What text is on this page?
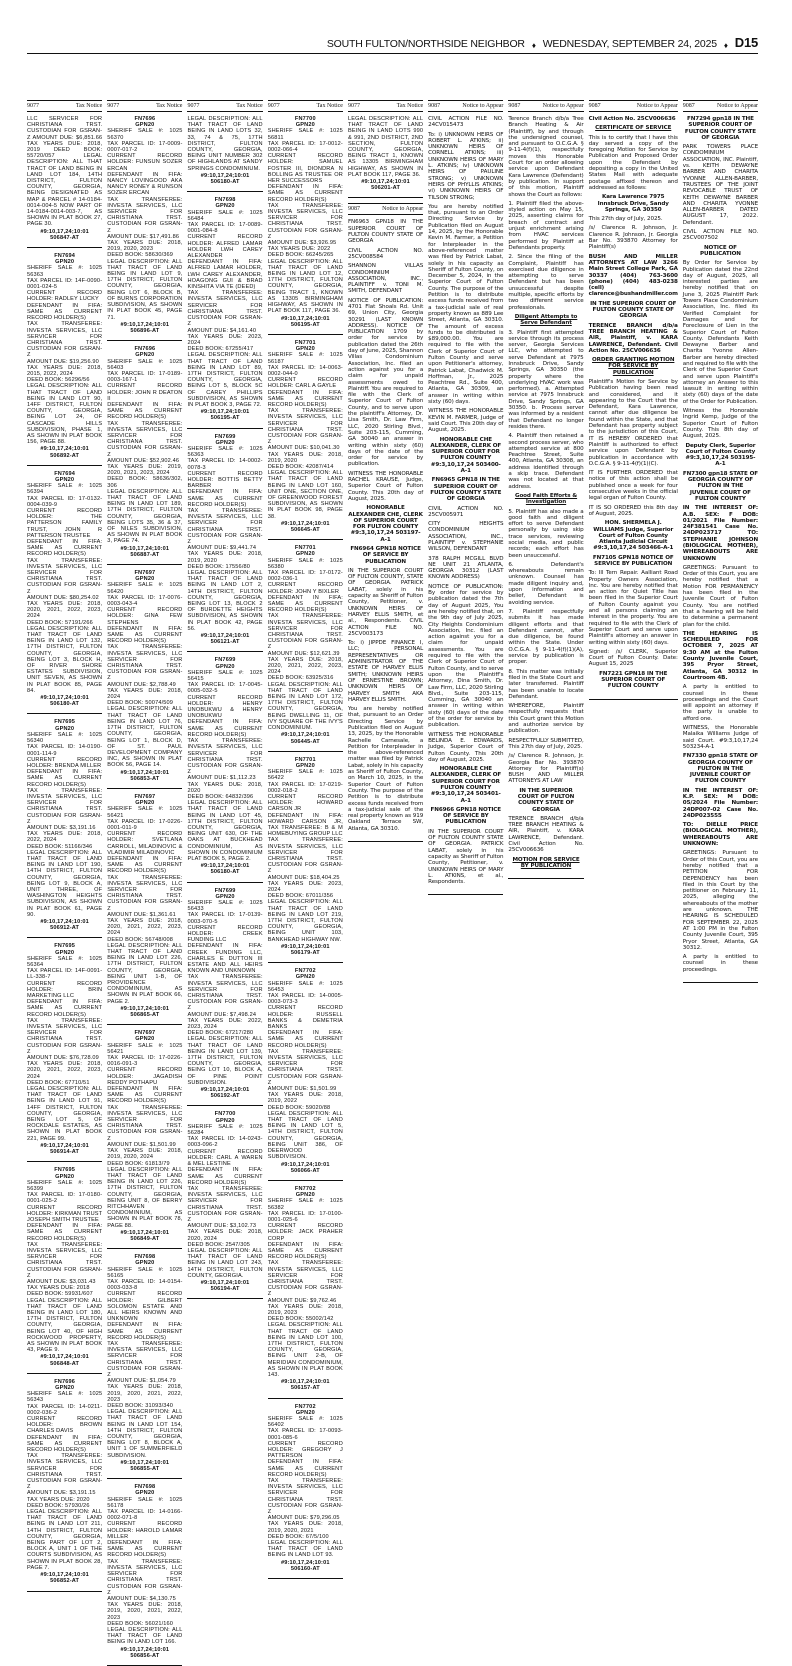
SOUTH FULTON/NORTHSIDE NEIGHBOR ♦ WEDNESDAY, SEPTEMBER 24, 2025 ♦ D15
9077	Tax Notice

LLC SERVICER FOR CHRISTIANA TRST. CUSTODIAN FOR GSRAN-Z AMOUNT DUE: $6,851.66 TAX YEARS DUE: 2018, 2019 DEED BOOK: 55720/057 LEGAL DESCRIPTION: ALL THAT TRACT OF LAND BEING IN LAND LOT 184, 14TH DISTRICT, FULTON COUNTY, GEORGIA, BEING DESIGNATED AS MAP & PARCEL # 14-0184-0014-004-5 NOW PART OF 14-0184-0014-003-7, AS SHOWN IN PLAT BOOK 27, PAGE 30.

#9:10,17,24;10:01

506847-AT

FN7694

GPN20

SHERIFF SALE #: 1025 56363

TAX PARCEL ID: 14F-0090-0001-024-5

CURRENT RECORD HOLDER: RADLEY LUCKY

DEFENDANT IN FIFA: SAME AS CURRENT RECORD HOLDER(S)

TAX TRANSFEREE: INVESTA SERVICES, LLC SERVICER FOR CHRISTIANA TRST. CUSTODIAN FOR GSRAN-Z

AMOUNT DUE: $19,256.90

TAX YEARS DUE: 2018, 2015, 2022, 2024

DEED BOOK: 56296/56

LEGAL DESCRIPTION: ALL THAT TRACT OF LAND BEING IN LAND LOT 90, 14FF DISTRICT, FULTON COUNTY, GEORGIA, BEING LOT 24, OF CASCADE HILLS SUBDIVISION, PHASE 1, AS SHOWN IN PLAT BOOK 156, PAGE 88.

#9:10,17,24;10:01

506892-AT

FN7694

GPN20

SHERIFF SALE #: 1025 56394

TAX PARCEL ID: 17-0132-0004-039-9

CURRENT RECORD HOLDER:	THE PATTERSON FAMILY TRUST, JOHN R PATTERSON TRUSTEE

DEFENDANT IN FIFA: SAME AS CURRENT RECORD HOLDER(S)

TAX TRANSFEREE: INVESTA SERVICES, LLC SERVICER FOR CHRISTIANA TRST. CUSTODIAN FOR GSRAN-Z

AMOUNT DUE: $80,254.02

TAX YEARS DUE: 2018, 2020, 2021, 2022, 2023, 2024

DEED BOOK: 57191/266

LEGAL DESCRIPTION: ALL THAT TRACT OF LAND BEING IN LAND LOT 132, 17TH DISTRICT, FULTON COUNTY, GEORGIA, BEING LOT 3, BLOCK H, OF RIVER SHORE ESTATES SUBDIVISION, UNIT SEVEN, AS SHOWN IN PLAT BOOK 85, PAGE 84.

#9:10,17,24;10:01

506180-AT

FN7695

GPN20

SHERIFF SALE #: 1025 56340

TAX PARCEL ID: 14-0190-0001-114-9

CURRENT RECORD HOLDER: BRENDA MILLER

DEFENDANT IN FIFA: SAME AS CURRENT RECORD HOLDER(S)

TAX TRANSFEREE: INVESTA SERVICES, LLC SERVICER FOR CHRISTIANA TRST. CUSTODIAN FOR GSRAN-Z

AMOUNT DUE: $3,191.16

TAX YEARS DUE: 2018, 2022, 2024

DEED BOOK: 51166/346

LEGAL DESCRIPTION: ALL THAT TRACT OF LAND BEING IN LAND LOT 190, 14TH DISTRICT, FULTON COUNTY, GEORGIA, BEING LOT 9, BLOCK A, UNIT THREE, OF WASHINGTON HEIGHTS SUBDIVISION, AS SHOWN IN PLAT BOOK 61, PAGE 90.

#9:10,17,24;10:01

506912-AT

FN7695

GPN20

SHERIFF SALE #: 1025 56364

TAX PARCEL ID: 14F-0091-LL-338-7

CURRENT RECORD HOLDER:	BRIN MARKETING LLC

DEFENDANT IN FIFA: SAME AS CURRENT RECORD HOLDER(S)

TAX TRANSFEREE: INVESTA SERVICES, LLC SERVICER FOR CHRISTIANA TRST. CUSTODIAN FOR GSRAN-Z

AMOUNT DUE: $76,728.09

TAX YEARS DUE: 2018, 2020, 2021, 2022, 2023, 2024

DEED BOOK: 67710/51

LEGAL DESCRIPTION: ALL THAT TRACT OF LAND BEING IN LAND LOT 91, 14FF DISTRICT, FULTON COUNTY, GEORGIA, BEING LOT 5, OF ROCKDALE ESTATES, AS SHOWN IN PLAT BOOK 221, PAGE 99.

#9:10,17,24;10:01

506914-AT

FN7695

GPN20

SHERIFF SALE #: 1025 56399

TAX PARCEL ID: 17-0180-0001-025-2

CURRENT RECORD HOLDER: KIRKMAN TRUST JOSEPH SMITH TRUSTEE

DEFENDANT IN FIFA: SAME AS CURRENT RECORD HOLDER(S)

TAX TRANSFEREE: INVESTA SERVICES, LLC SERVICER FOR CHRISTIANA TRST. CUSTODIAN FOR GSRAN-Z

AMOUNT DUE: $3,031.43

TAX YEARS DUE: 2018

DEED BOOK: 59931/607

LEGAL DESCRIPTION: ALL THAT TRACT OF LAND BEING IN LAND LOT 180, 17TH DISTRICT, FULTON COUNTY, GEORGIA, BEING LOT 40, OF HIGH ROCKWOOD PROPERTY, AS SHOWN IN PLAT BOOK 43, PAGE 9.

#9:10,17,24;10:01

506848-AT

FN7696

GPN20

SHERIFF SALE #: 1025 56343

TAX PARCEL ID: 14-0211-0002-036-2

CURRENT RECORD HOLDER:	BROWN CHARLES DAVIS

DEFENDANT IN FIFA: SAME AS CURRENT RECORD HOLDER(S)

TAX TRANSFEREE: INVESTA SERVICES, LLC SERVICER FOR CHRISTIANA TRST. CUSTODIAN FOR GSRAN-Z

AMOUNT DUE: $3,191.15

TAX YEARS DUE: 2020

DEED BOOK: 57930/26

LEGAL DESCRIPTION: ALL THAT TRACT OF LAND BEING IN LAND LOT 211, 14TH DISTRICT, FULTON COUNTY, GEORGIA, BEING PART OF LOT 2, BLOCK A, UNIT 1 OF THE COURTS SUBDIVISION, AS SHOWN IN PLAT BOOK 28, PAGE 7.

#9:10,17,24;10:01

506852-AT

9077	Tax Notice

FN7696

GPN20

SHERIFF SALE #: 1025 56370

TAX PARCEL ID: 17-0009-0007-017-2

CURRENT RECORD HOLDER: FUNSUN SOZER ERCAN

DEFENDANT IN FIFA: NANCY LOVINGOOD AKA NANCY RONEY & RUNSON SOZER ERCAN

TAX TRANSFEREE: INVESTA SERVICES, LLC SERVICER FOR CHRISTIANA TRST. CUSTODIAN FOR GSRAN-Z

AMOUNT DUE: $17,491.86

TAX YEARS DUE: 2018, 2019, 2020, 2023

DEED BOOK: 58630/369

LEGAL DESCRIPTION: ALL THAT TRACT OF LAND BEING IN LAND LOT 9, 17TH DISTRICT, FULTON COUNTY, GEORGIA, BEING LOT 6, BLOCK B, OF BURNS CORPORATION SUBDIVISION, AS SHOWN IN PLAT BOOK 45, PAGE 71.

#9:10,17,24;10:01

506896-AT

FN7696

GPN20

SHERIFF SALE #: 1025 56403

TAX PARCEL ID: 17-0189-0003-167-1

CURRENT RECORD HOLDER: JOHN R DEATON II

DEFENDANT IN FIFA: SAME AS CURRENT RECORD HOLDER(S)

TAX TRANSFEREE: INVESTA SERVICES, LLC SERVICER FOR CHRISTIANA TRST. CUSTODIAN FOR GSRAN-Z

AMOUNT DUE: $52,902.46

TAX YEARS DUE: 2019, 2020, 2021, 2023, 2024

DEED BOOK: 58636/302, 306

LEGAL DESCRIPTION: ALL THAT TRACT OF LAND BEING IN LAND LOT 189, 17TH DISTRICT, FULTON COUNTY, GEORGIA, BEING LOTS 35, 36 & 37, OF NILES SUBDIVISION, AS SHOWN IN PLAT BOOK 3, PAGE 74.

#9:10,17,24;10:01

506887-AT

FN7697

GPN20

SHERIFF SALE #: 1025 56420

TAX PARCEL ID: 17-0076-0003-043-4

CURRENT RECORD HOLDER: GINA FEW STEPHENS

DEFENDANT IN FIFA: SAME AS CURRENT RECORD HOLDER(S)

TAX TRANSFEREE: INVESTA SERVICES, LLC SERVICER FOR CHRISTIANA TRST. CUSTODIAN FOR GSRAN-Z

AMOUNT DUE: $2,788.49

TAX YEARS DUE: 2018, 2024

DEED BOOK: 50074/509

LEGAL DESCRIPTION: ALL THAT TRACT OF LAND BEING IN LAND LOT 76, 17TH DISTRICT, FULTON COUNTY, GEORGIA, BEING LOT 1, BLOCK D, OF ST. PAUL DEVELOPMENT COMPANY INC, AS SHOWN IN PLAT BOOK 56, PAGE 14.

#9:10,17,24;10:01

506853-AT

FN7697

GPN20

SHERIFF SALE #: 1025 56421

TAX PARCEL ID: 17-0226-0001-011-9

CURRENT RECORD HOLDER:	SVETLANA CARROLL, MILADINOVIC & VLADIMIR MILADINOVIC

DEFENDANT IN FIFA: SAME AS CURRENT RECORD HOLDER(S)

TAX TRANSFEREE: INVESTA SERVICES, LLC SERVICER FOR CHRISTIANA TRST. CUSTODIAN FOR GSRAN-Z

AMOUNT DUE: $1,361.61

TAX YEARS DUE: 2018, 2020, 2021, 2022, 2023, 2024

DEED BOOK: 56748/008

LEGAL DESCRIPTION: ALL THAT TRACT OF LAND BEING IN LAND LOT 226, 17TH DISTRICT, FULTON COUNTY, GEORGIA, BEING UNIT 1-B, OF PROVIDENCE CONDOMINIUM, AS SHOWN IN PLAT BOOK 66, PAGE 2.

#9:10,17,24;10:01

506865-AT

FN7697

GPN20

SHERIFF SALE #: 1025 56421

TAX PARCEL ID: 17-0226-0016-091-3

CURRENT RECORD HOLDER:	JAGADISH REDDY POTHAPU

DEFENDANT IN FIFA: SAME AS CURRENT RECORD HOLDER(S)

TAX TRANSFEREE: INVESTA SERVICES, LLC SERVICER FOR CHRISTIANA TRST. CUSTODIAN FOR GSRAN-Z

AMOUNT DUE: $1,501.99

TAX YEARS DUE: 2018, 2019, 2020, 2024

DEED BOOK: 61813/79

LEGAL DESCRIPTION: ALL THAT TRACT OF LAND BEING IN LAND LOT 226, 17TH DISTRICT, FULTON COUNTY, GEORGIA, BEING UNIT 8, OF BERRY RITCHHAVEN CONDOMINIUM, AS SHOWN IN PLAT BOOK 78, PAGE 88.

#9:10,17,24;10:01

506849-AT

FN7698

GPN20

SHERIFF SALE #: 1025 56165

TAX PARCEL ID: 14-0154-0003-033-8

CURRENT RECORD HOLDER:	GILBERT SOLOMON ESTATE AND ALL HEIRS KNOWN AND UNKNOWN

DEFENDANT IN FIFA: SAME AS CURRENT RECORD HOLDER(S)

TAX TRANSFEREE: INVESTA SERVICES, LLC SERVICER FOR CHRISTIANA TRST. CUSTODIAN FOR GSRAN-Z

AMOUNT DUE: $1,054.79

TAX YEARS DUE: 2018, 2019, 2020, 2021, 2022, 2023

DEED BOOK: 31093/340

LEGAL DESCRIPTION: ALL THAT TRACT OF LAND BEING IN LAND LOT 154, 14TH DISTRICT, FULTON COUNTY, GEORGIA, BEING LOT 8, BLOCK A, UNIT 1 OF SUMMERFIELD SUBDIVISION.

#9:10,17,24;10:01

506855-AT

FN7698

GPN20

SHERIFF SALE #: 1025 56178

TAX PARCEL ID: 14-0166-0002-071-8

CURRENT RECORD HOLDER: HAROLD LAMAR MILLER

DEFENDANT IN FIFA: SAME AS CURRENT RECORD HOLDER(S)

TAX TRANSFEREE: INVESTA SERVICES, LLC SERVICER FOR CHRISTIANA TRST. CUSTODIAN FOR GSRAN-Z

AMOUNT DUE: $4,130.75

TAX YEARS DUE: 2018, 2019, 2020, 2021, 2022, 2023

DEED BOOK: 56021/160

LEGAL DESCRIPTION: ALL THAT TRACT OF LAND BEING IN LAND LOT 166.

#9:10,17,24;10:01

506856-AT

9077	Tax Notice

LEGAL DESCRIPTION: ALL THAT TRACT OF LAND BEING IN LAND LOTS 32, 33, 74 & 75, 17TH DISTRICT, FULTON COUNTY, GEORGIA, BEING UNIT NUMBER 302 OF HIGHLANDS AT SANDY SPRINGS CONDOMINIUM.

#9:10,17,24;10:01

506180-AT

FN7698

GPN20

SHERIFF SALE #: 1025 56484

TAX PARCEL ID: 17-0089-0001-084-8

CURRENT RECORD HOLDER: ALFRED LAMAR HOLDER LWH CAREY ALEXANDER

DEFENDANT IN FIFA: ALFRED LAMAR HOLDER, LWH CAREY ALEXANDER, HOAGONG GUI & BRAD KINSHITA VIA TE (DEED)

TAX TRANSFEREE: INVESTA SERVICES, LLC SERVICER FOR CHRISTIANA TRST. CUSTODIAN FOR GSRAN-Z

AMOUNT DUE: $4,161.40

TAX YEARS DUE: 2023, 2024

DEED BOOK: 67255/417

LEGAL DESCRIPTION: ALL THAT TRACT OF LAND BEING IN LAND LOT 89, 17TH DISTRICT, FULTON COUNTY, GEORGIA, BEING LOT 5, BLOCK 5C OF CAREY PHILLIPS SUBDIVISION, AS SHOWN IN PLAT BOOK 3, PAGE 72.

#9:10,17,24;10:01

506195-AT

FN7699

GPN20

SHERIFF SALE #: 1025 56363

TAX PARCEL ID: 14-0002-0078-3

CURRENT RECORD HOLDER: BOTTIS BETTY BARBER

DEFENDANT IN FIFA: SAME AS CURRENT RECORD HOLDER(S)

TAX TRANSFEREE: INVESTA SERVICES, LLC SERVICER FOR CHRISTIANA TRST. CUSTODIAN FOR GSRAN-Z

AMOUNT DUE: $9,441.74

TAX YEARS DUE: 2018, 2019, 2020

DEED BOOK: 17556/80

LEGAL DESCRIPTION: ALL THAT TRACT OF LAND BEING IN LAND LOT 2, 14TH DISTRICT, FULTON COUNTY, GEORGIA, BEING LOT 13, BLOCK 2 OF BURDETTE HEIGHTS SUBDIVISION, AS SHOWN IN PLAT BOOK 42, PAGE 56.

#9:10,17,24;10:01

506121-AT

FN7699

GPN20

SHERIFF SALE #: 1025 56415

TAX PARCEL ID: 17-0045-0005-032-5

CURRENT RECORD HOLDER:	HENRY UNOBUKWU & HENRY UNOBUKWU

DEFENDANT IN FIFA: SAME AS CURRENT RECORD HOLDER(S)

TAX TRANSFEREE: INVESTA SERVICES, LLC SERVICER FOR CHRISTIANA TRST. CUSTODIAN FOR GSRAN-Z

AMOUNT DUE: $1,112.23

TAX YEARS DUE: 2018, 2020

DEED BOOK: 64832/396

LEGAL DESCRIPTION: ALL THAT TRACT OF LAND BEING IN LAND LOT 45, 17TH DISTRICT, FULTON COUNTY, GEORGIA, BEING UNIT 630, OF THE OAKS AT BUCKHEAD CONDOMINIUM, AS SHOWN IN CONDOMINIUM PLAT BOOK 5, PAGE 2.

#9:10,17,24;10:01

506180-AT

FN7699

GPN20

SHERIFF SALE #: 1025 56433

TAX PARCEL ID: 17-0139-0003-070-5

CURRENT RECORD HOLDER:	CREEK FUNDING LLC

DEFENDANT IN FIFA: CREEK FUNDING LLC, CHARLES E DUTTON III ESTATE AND ALL HEIRS KNOWN AND UNKNOWN

TAX TRANSFEREE: INVESTA SERVICES, LLC SERVICER FOR CHRISTIANA TRST. CUSTODIAN FOR GSRAN-Z

AMOUNT DUE: $7,498.24

TAX YEARS DUE: 2022, 2023, 2024

DEED BOOK: 67217/280

LEGAL DESCRIPTION: ALL THAT TRACT OF LAND BEING IN LAND LOT 139, 17TH DISTRICT, FULTON COUNTY, GEORGIA, BEING LOT 10, BLOCK A, OF PINE POINT SUBDIVISION.

#9:10,17,24;10:01

506192-AT

FN7700

GPN20

SHERIFF SALE #: 1025 56284

TAX PARCEL ID: 14-0243-0003-096-2

CURRENT RECORD HOLDER: CARL A WAREN & MEL LESTINE

DEFENDANT IN FIFA: SAME AS CURRENT RECORD HOLDER(S)

TAX TRANSFEREE: INVESTA SERVICES, LLC SERVICER FOR CHRISTIANA TRST. CUSTODIAN FOR GSRAN-Z

AMOUNT DUE: $3,102.73

TAX YEARS DUE: 2018, 2020, 2024

DEED BOOK: 2547/305

LEGAL DESCRIPTION: ALL THAT TRACT OF LAND BEING IN LAND LOT 243, 14TH DISTRICT, FULTON COUNTY, GEORGIA.

#9:10,17,24;10:01

506194-AT

9077	Tax Notice

FN7700

GPN20

SHERIFF SALE #: 1025 56811

TAX PARCEL ID: 17-0012-0002-066-4

CURRENT RECORD HOLDER:	SAMUEL FOSTER III, DIONDRA N BOLLING AS TRUSTEE OR HER SUCCESSORS

DEFENDANT IN FIFA: SAME AS CURRENT RECORD HOLDER(S)

TAX TRANSFEREE: INVESTA SERVICES, LLC SERVICER FOR CHRISTIANA TRST. CUSTODIAN FOR GSRAN-Z

AMOUNT DUE: $3,926.95

TAX YEARS DUE: 2022

DEED BOOK: 66245/265

LEGAL DESCRIPTION: ALL THAT TRACT OF LAND BEING IN LAND LOT 12, 17TH DISTRICT, FULTON COUNTY, GEORGIA, BEING TRACT 1, KNOWN AS 13305 BIRMINGHAM HIGHWAY, AS SHOWN IN PLAT BOOK 117, PAGE 36.

#9:10,17,24;10:01

506195-AT

FN7701

GPN20

SHERIFF SALE #: 1025 56187

TAX PARCEL ID: 14-0063-0002-044-0

CURRENT RECORD HOLDER: CARL A GAYLE

DEFENDANT IN FIFA: SAME AS CURRENT RECORD HOLDER(S)

TAX TRANSFEREE: INVESTA SERVICES, LLC SERVICER FOR CHRISTIANA TRST. CUSTODIAN FOR GSRAN-Z

AMOUNT DUE: $10,041.30

TAX YEARS DUE: 2018, 2019, 2020

DEED BOOK: 42087/414

LEGAL DESCRIPTION: ALL THAT TRACT OF LAND BEING IN LAND LOT 160, UNIT ONE, SECTION ONE, OF GREENWOOD FOREST SUBDIVISION, AS SHOWN IN PLAT BOOK 98, PAGE 38.

#9:10,17,24;10:01

506645-AT

FN7701

GPN20

SHERIFF SALE #: 1025 56380

TAX PARCEL ID: 17-0172-0002-036-1

CURRENT RECORD HOLDER: JOHN Y BIXLER

DEFENDANT IN FIFA: SAME AS CURRENT RECORD HOLDER(S)

TAX TRANSFEREE: INVESTA SERVICES, LLC SERVICER FOR CHRISTIANA TRST. CUSTODIAN FOR GSRAN-Z

AMOUNT DUE: $12,621.39

TAX YEARS DUE: 2018, 2020, 2021, 2022, 2023, 2024

DEED BOOK: 63925/316

LEGAL DESCRIPTION: ALL THAT TRACT OF LAND BEING IN LAND LOT 172, 17TH DISTRICT, FULTON COUNTY, GEORGIA, BEING DWELLING 11, OF IVY SQUARE OF THE IVY'S CONDOMINIUM.

#9:10,17,24;10:01

506445-AT

FN7701

GPN20

SHERIFF SALE #: 1025 56422

TAX PARCEL ID: 17-0219-0002-018-2

CURRENT RECORD HOLDER:	HOWARD CARSON JR

DEFENDANT IN FIFA: HOWARD CARSON JR, TAX TRANSFEREE: B & M HOMEBUYING GROUP LLC

TAX TRANSFEREE: INVESTA SERVICES, LLC SERVICER FOR CHRISTIANA TRST. CUSTODIAN FOR GSRAN-Z

AMOUNT DUE: $18,404.25

TAX YEARS DUE: 2023, 2024

DEED BOOK: 67011/356

LEGAL DESCRIPTION: ALL THAT TRACT OF LAND BEING IN LAND LOT 219, 17TH DISTRICT, FULTON COUNTY, GEORGIA, BEING UNIT 103, BANKHEAD HIGHWAY NW.

#9:10,17,24;10:01

506179-AT

FN7702

GPN20

SHERIFF SALE #: 1025 56453

TAX PARCEL ID: 14-0005-0003-073-3

CURRENT RECORD HOLDER:	RUSSELL BANKS & DEMETRIA BANKS

DEFENDANT IN FIFA: SAME AS CURRENT RECORD HOLDER(S)

TAX TRANSFEREE: INVESTA SERVICES, LLC SERVICER FOR CHRISTIANA TRST. CUSTODIAN FOR GSRAN-Z

AMOUNT DUE: $1,501.99

TAX YEARS DUE: 2018, 2019, 2022

DEED BOOK: 59020/88

LEGAL DESCRIPTION: ALL THAT TRACT OF LAND BEING IN LAND LOT 5, 14TH DISTRICT, FULTON COUNTY, GEORGIA, BEING UNIT 386, OF DEERWOOD SUBDIVISION.

#9:10,17,24;10:01

506066-AT

FN7702

GPN20

SHERIFF SALE #: 1025 56382

TAX PARCEL ID: 17-0100-0001-025-6

CURRENT RECORD HOLDER: JACK PRAHER CORP

DEFENDANT IN FIFA: SAME AS CURRENT RECORD HOLDER(S)

TAX TRANSFEREE: INVESTA SERVICES, LLC SERVICER FOR CHRISTIANA TRST. CUSTODIAN FOR GSRAN-Z

AMOUNT DUE: $9,762.46

TAX YEARS DUE: 2018, 2019, 2023

DEED BOOK: 55002/142

LEGAL DESCRIPTION: ALL THAT TRACT OF LAND BEING IN LAND LOT 100, 17TH DISTRICT, FULTON COUNTY, GEORGIA, BEING UNIT 2-B, OF MERIDIAN CONDOMINIUM, AS SHOWN IN PLAT BOOK 143.

#9:10,17,24;10:01

506157-AT

FN7702

GPN20

SHERIFF SALE #: 1025 56402

TAX PARCEL ID: 17-0093-0001-085-6

CURRENT RECORD HOLDER: GREGORY J PATTERSON

DEFENDANT IN FIFA: SAME AS CURRENT RECORD HOLDER(S)

TAX TRANSFEREE: INVESTA SERVICES, LLC SERVICER FOR CHRISTIANA TRST. CUSTODIAN FOR GSRAN-Z

AMOUNT DUE: $79,296.05

TAX YEARS DUE: 2018, 2019, 2020, 2021

DEED BOOK: 67/5/100

LEGAL DESCRIPTION: ALL THAT TRACT OF LAND BEING IN LAND LOT 93.

#9:10,17,24;10:01

506160-AT

9077	Tax Notice

LEGAL DESCRIPTION: ALL THAT TRACT OF LAND BEING IN LAND LOTS 990 & 991, 2ND DISTRICT, 2ND SECTION, FULTON COUNTY, GEORGIA, BEING TRACT 1, KNOWN AS 13305 BIRMINGHAM HIGHWAY, AS SHOWN IN PLAT BOOK 117, PAGE 36.

#9:10,17,24;10:01

506201-AT

9087	Notice to Appear

FN6963 GPN18 IN THE SUPERIOR COURT OF FULTON COUNTY STATE OF GEORGIA

CIVIL ACTION NO. 25CV008584

SHANNON VILLAS CONDOMINIUM ASSOCIATION, INC., PLAINTIFF v. TONI M. SMITH, DEFENDANT

NOTICE OF PUBLICATION: 4701 Flat Shoals Rd. Unit 69, Union City, Georgia 30291 (LAST KNOWN ADDRESS). NOTICE OF PUBLICATION 1709 by order for service by publication dated the 26th day of June, 2025, Shannon Villas Condominium Association, Inc. filed an action against you for a claim for unpaid assessments owed to Plaintiff. You are required to file with the Clerk of Superior Court of Fulton County, and to serve upon the plaintiff's Attorney, Dr. Lisa Smith, Dr. Law Firm, LLC, 2020 Stirling Blvd., Suite 203-115, Cumming, GA 30040 an answer in writing within sixty (60) days of the date of the order for service by publication.

WITNESS THE HONORABLE RACHEL KRAUSE, Judge, Superior Court of Fulton County. This 20th day of August, 2025.

HONORABLE ALEXANDER CHE, CLERK OF SUPERIOR COURT FOR FULTON COUNTY #9:3,10,17,24 503197-A-1

FN6964 GPN18 NOTICE OF SERVICE BY PUBLICATION

IN THE SUPERIOR COURT OF FULTON COUNTY, STATE OF GEORGIA. PATRICK LABAT, solely in his capacity as Sheriff of Fulton County, Petitioner, v. UNKNOWN HEIRS OF HARVEY ELLIS SMITH, et al., Respondents. CIVIL ACTION FILE NO. 25CV003173

To: i) JIPPDE FINANCE I, LLC; PERSONAL REPRESENTATIVES OR ADMINISTRATOR OF THE ESTATE OF HARVEY ELLIS SMITH; UNKNOWN HEIRS OF ERNESTINE BROWN; UNKNOWN HEIRS OF HARVEY SMITH AKA HARVEY ELLIS SMITH.

You are hereby notified that, pursuant to an Order Directing Service by Publication filed on August 13, 2025, by the Honorable Rachelle Carnesale, a Petition for Interpleader in the above-referenced matter was filed by Patrick Labat, solely in his capacity as Sheriff of Fulton County, on March 10, 2025, in the Superior Court of Fulton County. The purpose of the Petition is to distribute excess funds received from a tax-judicial sale of the real property known as 919 Oakland Terrace SW, Atlanta, GA 30310.

9087	Notice to Appear

CIVIL ACTION FILE NO. 24CV015473

To: i) UNKNOWN HEIRS OF ROBERT L. ATKINS; ii) UNKNOWN HEIRS OF CORNELL ATKINS; iii) UNKNOWN HEIRS OF MARY L. ATKINS; iv) UNKNOWN HEIRS OF PAULINE STRONG; v) UNKNOWN HEIRS OF PHYLLIS ATKINS; vi) UNKNOWN HEIRS OF TILSON STRONG;

You are hereby notified that, pursuant to an Order Directing Service by Publication filed on August 14, 2025, by the Honorable Kevin M. Farmer, a Petition for Interpleader in the above-referenced matter was filed by Patrick Labat, solely in his capacity as Sheriff of Fulton County, on December 5, 2024, in the Superior Court of Fulton County. The purpose of the Petition is to distribute excess funds received from a tax-judicial sale of real property known as 889 Lee Street, Atlanta, GA 30310. The amount of excess funds to be distributed is $89,000.00. You are required to file with the Clerk of Superior Court of Fulton County and serve upon Petitioner's attorney, Patrick Labat, Chadwick M. Hoffman, Jr., 2025 Peachtree Rd., Suite 400, Atlanta, GA 30309, an answer in writing within sixty (60) days.

WITNESS THE HONORABLE KEVIN M. FARMER, Judge of said Court. This 20th day of August, 2025.

HONORABLE CHE ALEXANDER, CLERK OF SUPERIOR COURT FOR FULTON COUNTY #9:3,10,17,24 503400-A-1

FN6965 GPN18 IN THE SUPERIOR COURT OF FULTON COUNTY STATE OF GEORGIA

CIVIL ACTION NO. 25CV005971

CITY HEIGHTS CONDOMINIUM ASSOCIATION, INC., PLAINTIFF v. STEPHANIE WILSON, DEFENDANT

378 RALPH MCGILL BLVD NE UNIT 21 ATLANTA, GEORGIA 30312 (LAST KNOWN ADDRESS)

NOTICE OF PUBLICATION: By order for service by publication dated the 7th day of August 2025, You are hereby notified that, on the 9th day of July 2025, City Heights Condominium Association, Inc. filed an action against you for a claim for unpaid assessments. You are required to file with the Clerk of Superior Court of Fulton County, and to serve upon the Plaintiff's Attorney, Dina Smith, Dr. Law Firm, LLC, 2020 Stirling Blvd., Suite 203-115, Cumming, GA 30040 an answer in writing within sixty (60) days of the date of the order for service by publication.

WITNESS THE HONORABLE BELINDA E. EDWARDS, Judge, Superior Court of Fulton County. This 20th day of August, 2025.

HONORABLE CHE ALEXANDER, CLERK OF SUPERIOR COURT FOR FULTON COUNTY #9:3,10,17,24 503401-A-1

FN6966 GPN18 NOTICE OF SERVICE BY PUBLICATION

IN THE SUPERIOR COURT OF FULTON COUNTY STATE OF GEORGIA. PATRICK LABAT, solely in his capacity as Sheriff of Fulton County, Petitioner, v. UNKNOWN HEIRS OF MARY L. ATKINS, et al., Respondents.

9087	Notice to Appear

Terence Branch d/b/a Tree Branch Heating & Air (Plaintiff), by and through the undersigned counsel, and pursuant to O.C.G.A. § 9-11-4(f)(1), respectfully moves this Honorable Court for an order allowing service upon Defendant Kara Lawrence (Defendant) by publication. In support of this motion, Plaintiff shows the Court as follows:

1. Plaintiff filed the above-styled action on May 15, 2025, asserting claims for breach of contract and unjust enrichment arising from HVAC services performed by Plaintiff at Defendants property.

2. Since the filing of the Complaint, Plaintiff has exercised due diligence in attempting to serve Defendant but has been unsuccessful despite multiple, specific efforts by two different service professionals.

Diligent Attempts to Serve Defendant

3. Plaintiff first attempted service through its process server, Georgia Services LLC, who attempted to serve Defendant at 7975 Innsbruck Drive, Sandy Springs, GA 30350 (the property where the underlying HVAC work was performed). a. Attempted service at 7975 Innsbruck Drive, Sandy Springs, GA 30350. b. Process server was informed by a resident that Defendant no longer resides there.

4. Plaintiff then retained a second process server, who attempted service at 800 Peachtree Street, Suite 400, Atlanta, GA 30308, an address identified through a skip trace. Defendant was not located at that address.

Good Faith Efforts & Investigation

5. Plaintiff has also made a good faith and diligent effort to serve Defendant personally by using skip trace services, reviewing social media, and public records; each effort has been unsuccessful.

6. Defendant's whereabouts remain unknown. Counsel has made diligent inquiry and, upon information and belief, Defendant is avoiding service.

7. Plaintiff respectfully submits it has made diligent efforts and that Defendant cannot, after due diligence, be found within the State. Under O.C.G.A. § 9-11-4(f)(1)(A), service by publication is proper.

8. This matter was initially filed in the State Court and later transferred. Plaintiff has been unable to locate Defendant.

WHEREFORE, Plaintiff respectfully requests that this Court grant this Motion and authorize service by publication.

RESPECTFULLY SUBMITTED, This 27th day of July, 2025.

/s/ Clarence R. Johnson, Jr. Georgia Bar No. 393870 Attorney for Plaintiff(s) BUSH AND MILLER ATTORNEYS AT LAW

IN THE SUPERIOR COURT OF FULTON COUNTY STATE OF GEORGIA

TERENCE BRANCH d/b/a TREE BRANCH HEATING & AIR, Plaintiff, v. KARA LAWRENCE, Defendant. Civil Action No. 25CV006636

MOTION FOR SERVICE BY PUBLICATION

9087	Notice to Appear

Civil Action No. 25CV006636

CERTIFICATE OF SERVICE

This is to certify that I have this day served a copy of the foregoing Motion for Service by Publication and Proposed Order upon the Defendant by depositing a copy in the United States Mail with adequate postage affixed thereon and addressed as follows:

Kara Lawrence 7975 Innsbruck Drive, Sandy Springs, GA 30350

This 27th day of July, 2025.

/s/ Clarence R. Johnson, Jr. Clarence R. Johnson, Jr. Georgia Bar No. 393870 Attorney for Plaintiff(s)

BUSH AND MILLER ATTORNEYS AT LAW 3266 Main Street College Park, GA 30337 (404) 763-3600 (phone) (404) 483-0238 (cell) clarence@bushandmiller.com

IN THE SUPERIOR COURT OF FULTON COUNTY STATE OF GEORGIA

TERENCE BRANCH d/b/a TREE BRANCH HEATING & AIR, Plaintiff, v. KARA LAWRENCE, Defendant. Civil Action No. 25CV006636

ORDER GRANTING MOTION FOR SERVICE BY PUBLICATION

Plaintiff's Motion for Service by Publication having been read and considered, and it appearing to the Court that the Defendant, Kara Lawrence, cannot after due diligence be found within the State, and that Defendant has property subject to the jurisdiction of this Court, IT IS HEREBY ORDERED that Plaintiff is authorized to effect service upon Defendant by publication in accordance with O.C.G.A. § 9-11-4(f)(1)(C).

IT IS FURTHER ORDERED that notice of this action shall be published once a week for four consecutive weeks in the official legal organ of Fulton County.

IT IS SO ORDERED this 8th day of August, 2025.

HON. SHERMELA J. WILLIAMS Judge, Superior Court of Fulton County Atlanta Judicial Circuit #9:3,10,17,24 503466-A-1

FN7105 GPN18 NOTICE OF SERVICE BY PUBLICATION

To: Ill Tern Repair. Aalliant Road Property Owners Association, Inc. You are hereby notified that an action for Quiet Title has been filed in the Superior Court of Fulton County against you and all persons claiming an interest in the property. You are required to file with the Clerk of Superior Court and serve upon Plaintiff's attorney an answer in writing within sixty (60) days.

Signed: /s/ CLERK, Superior Court of Fulton County. Date: August 15, 2025

FN7221 GPN18 IN THE SUPERIOR COURT OF FULTON COUNTY

9087	Notice to Appear

FN7294 gpn18 IN THE SUPERIOR COURT OF FULTON COUNTY STATE OF GEORGIA

PARK TOWERS PLACE CONDOMINIUM ASSOCIATION, INC. Plaintiff, vs. KEITH DEWAYNE BARBER AND CHARITA YVONNE ALLEN-BARBER, TRUSTEES OF THE JOINT REVOCABLE TRUST OF KEITH DEWAYNE BARBER AND CHARITA YVONNE ALLEN-BARBER DATED AUGUST 17, 2022. Defendant.

CIVIL ACTION FILE NO. 25CV007502

NOTICE OF PUBLICATION

By Order for Service by Publication dated the 22nd day of August, 2025, all interested parties are hereby notified that on June 3, 2025 Plaintiff Park Towers Place Condominium Association, Inc. filed its Verified Complaint for Damages and for Foreclosure of Lien in the Superior Court of Fulton County. Defendants Keith Dewayne Barber and Charita Yvonne Allen-Barber are hereby directed and required to file with the Clerk of the Superior Court and serve upon Plaintiff's attorney an Answer to this lawsuit in writing within sixty (60) days of the date of the Order for Publication.

Witness the Honorable Ingrid Kemp, Judge of the Superior Court of Fulton County. This 8th day of August, 2025.

Deputy Clerk, Superior Court of Fulton County #9:3,10,17,24 503195-A-1

FN7300 gpn18 STATE OF GEORGIA COUNTY OF FULTON IN THE JUVENILE COURT OF FULTON COUNTY

IN THE INTEREST OF: A.B. SEX: F DOB: 01/2021 File Number: 24F381541 Case No. 24DP023717 TO: STEPHANIE JOHNSON (BIOLOGICAL MOTHER), WHEREABOUTS ARE UNKNOWN

GREETINGS: Pursuant to Order of this Court, you are hereby notified that a Motion FOR PERMANENCY has been filed in the Juvenile Court of Fulton County. You are notified that a hearing will be held to determine a permanent plan for the child.

THE HEARING IS SCHEDULED FOR OCTOBER 7, 2025 AT 9:30 AM at the Fulton County Juvenile Court, 395 Pryor Street, Atlanta, GA 30312 in Courtroom 4B.

A party is entitled to counsel in these proceedings and the Court will appoint an attorney if the party is unable to afford one.

WITNESS, the Honorable Malaika Williams Judge of said Court. #9:3,10,17,24 503234-A-1

FN7330 gpn18 STATE OF GEORGIA COUNTY OF FULTON IN THE JUVENILE COURT OF FULTON COUNTY

IN THE INTEREST OF: K.P. SEX: M DOB: 05/2024 File Number: 24DP007-02 Case No. 24DP023555

TO: DIELLE PRICE (BIOLOGICAL MOTHER), WHEREABOUTS ARE UNKNOWN:

GREETINGS: Pursuant to Order of this Court, you are hereby notified that a PETITION FOR DEPENDENCY has been filed in this Court by the petitioner on February 11, 2025, alleging the whereabouts of the mother are unknown. THE HEARING IS SCHEDULED FOR SEPTEMBER 22, 2025 AT 1:00 PM in the Fulton County Juvenile Court, 395 Pryor Street, Atlanta, GA 30312.

A party is entitled to counsel in these proceedings.
